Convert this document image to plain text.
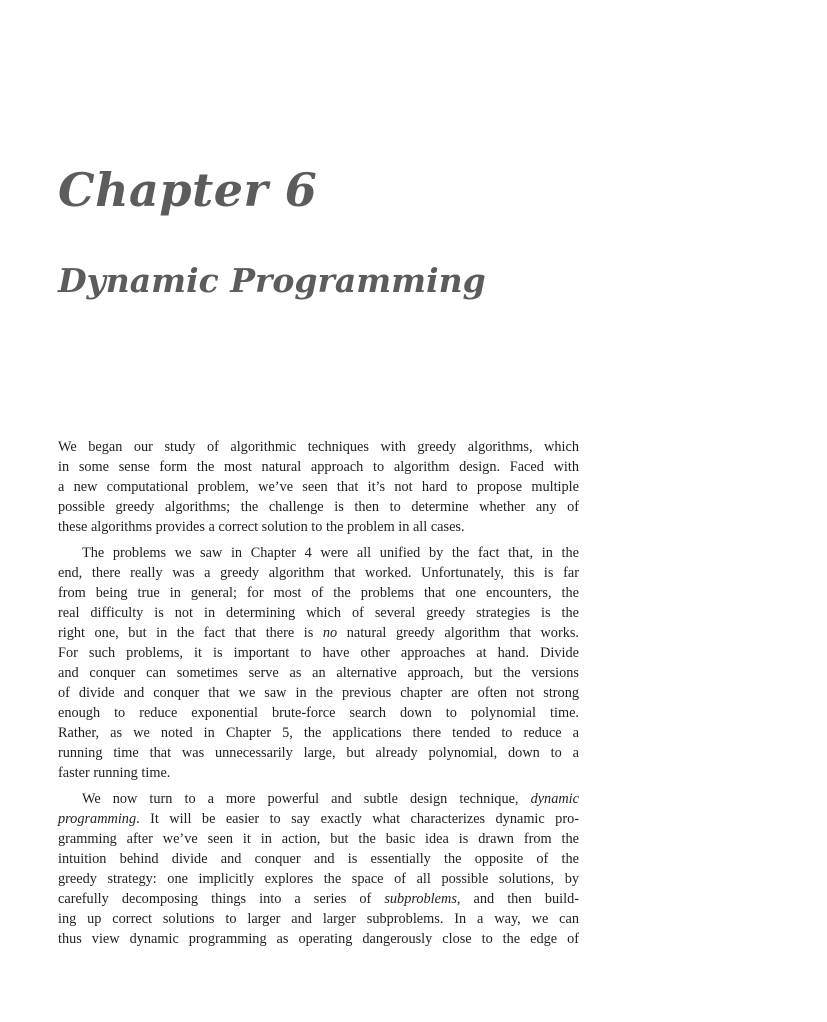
Chapter 6
Dynamic Programming
We began our study of algorithmic techniques with greedy algorithms, which
in some sense form the most natural approach to algorithm design. Faced with
a new computational problem, we’ve seen that it’s not hard to propose multiple
possible greedy algorithms; the challenge is then to determine whether any of
these algorithms provides a correct solution to the problem in all cases.
The problems we saw in Chapter 4 were all unified by the fact that, in the
end, there really was a greedy algorithm that worked. Unfortunately, this is far
from being true in general; for most of the problems that one encounters, the
real difficulty is not in determining which of several greedy strategies is the
right one, but in the fact that there is no natural greedy algorithm that works.
For such problems, it is important to have other approaches at hand. Divide
and conquer can sometimes serve as an alternative approach, but the versions
of divide and conquer that we saw in the previous chapter are often not strong
enough to reduce exponential brute-force search down to polynomial time.
Rather, as we noted in Chapter 5, the applications there tended to reduce a
running time that was unnecessarily large, but already polynomial, down to a
faster running time.
We now turn to a more powerful and subtle design technique, dynamic
programming. It will be easier to say exactly what characterizes dynamic pro-
gramming after we’ve seen it in action, but the basic idea is drawn from the
intuition behind divide and conquer and is essentially the opposite of the
greedy strategy: one implicitly explores the space of all possible solutions, by
carefully decomposing things into a series of subproblems, and then build-
ing up correct solutions to larger and larger subproblems. In a way, we can
thus view dynamic programming as operating dangerously close to the edge of
